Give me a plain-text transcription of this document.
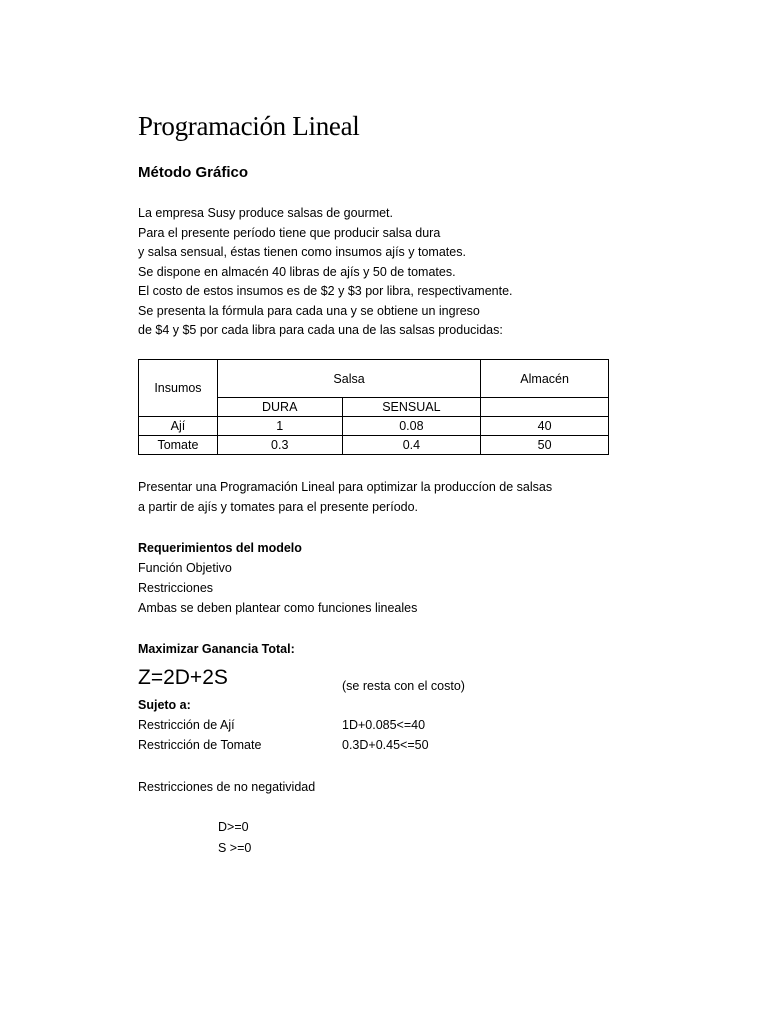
Programación Lineal
Método Gráfico
La empresa Susy produce salsas de gourmet.
Para el presente período tiene que producir salsa dura
y salsa sensual, éstas tienen como insumos ajís y tomates.
Se dispone en almacén 40 libras de ajís y 50 de tomates.
El costo de estos insumos es de $2 y $3 por libra, respectivamente.
Se presenta la fórmula para cada una y se obtiene un ingreso
de $4 y $5 por cada libra para cada una de las salsas producidas:
Insumos	Salsa		Almacén
	DURA	SENSUAL	
Ají	1	0.08	40
Tomate	0.3	0.4	50
Presentar una Programación Lineal para optimizar la produccíon de salsas
a partir de ajís y tomates para el presente período.
Requerimientos del modelo
Función Objetivo
Restricciones
Ambas se deben plantear como funciones lineales
Maximizar Ganancia Total:
Z=2D+2S	(se resta con el costo)
Sujeto a:
Restricción de Ají	1D+0.085<=40
Restricción de Tomate	0.3D+0.45<=50
Restricciones de no negatividad
D>=0
S >=0
